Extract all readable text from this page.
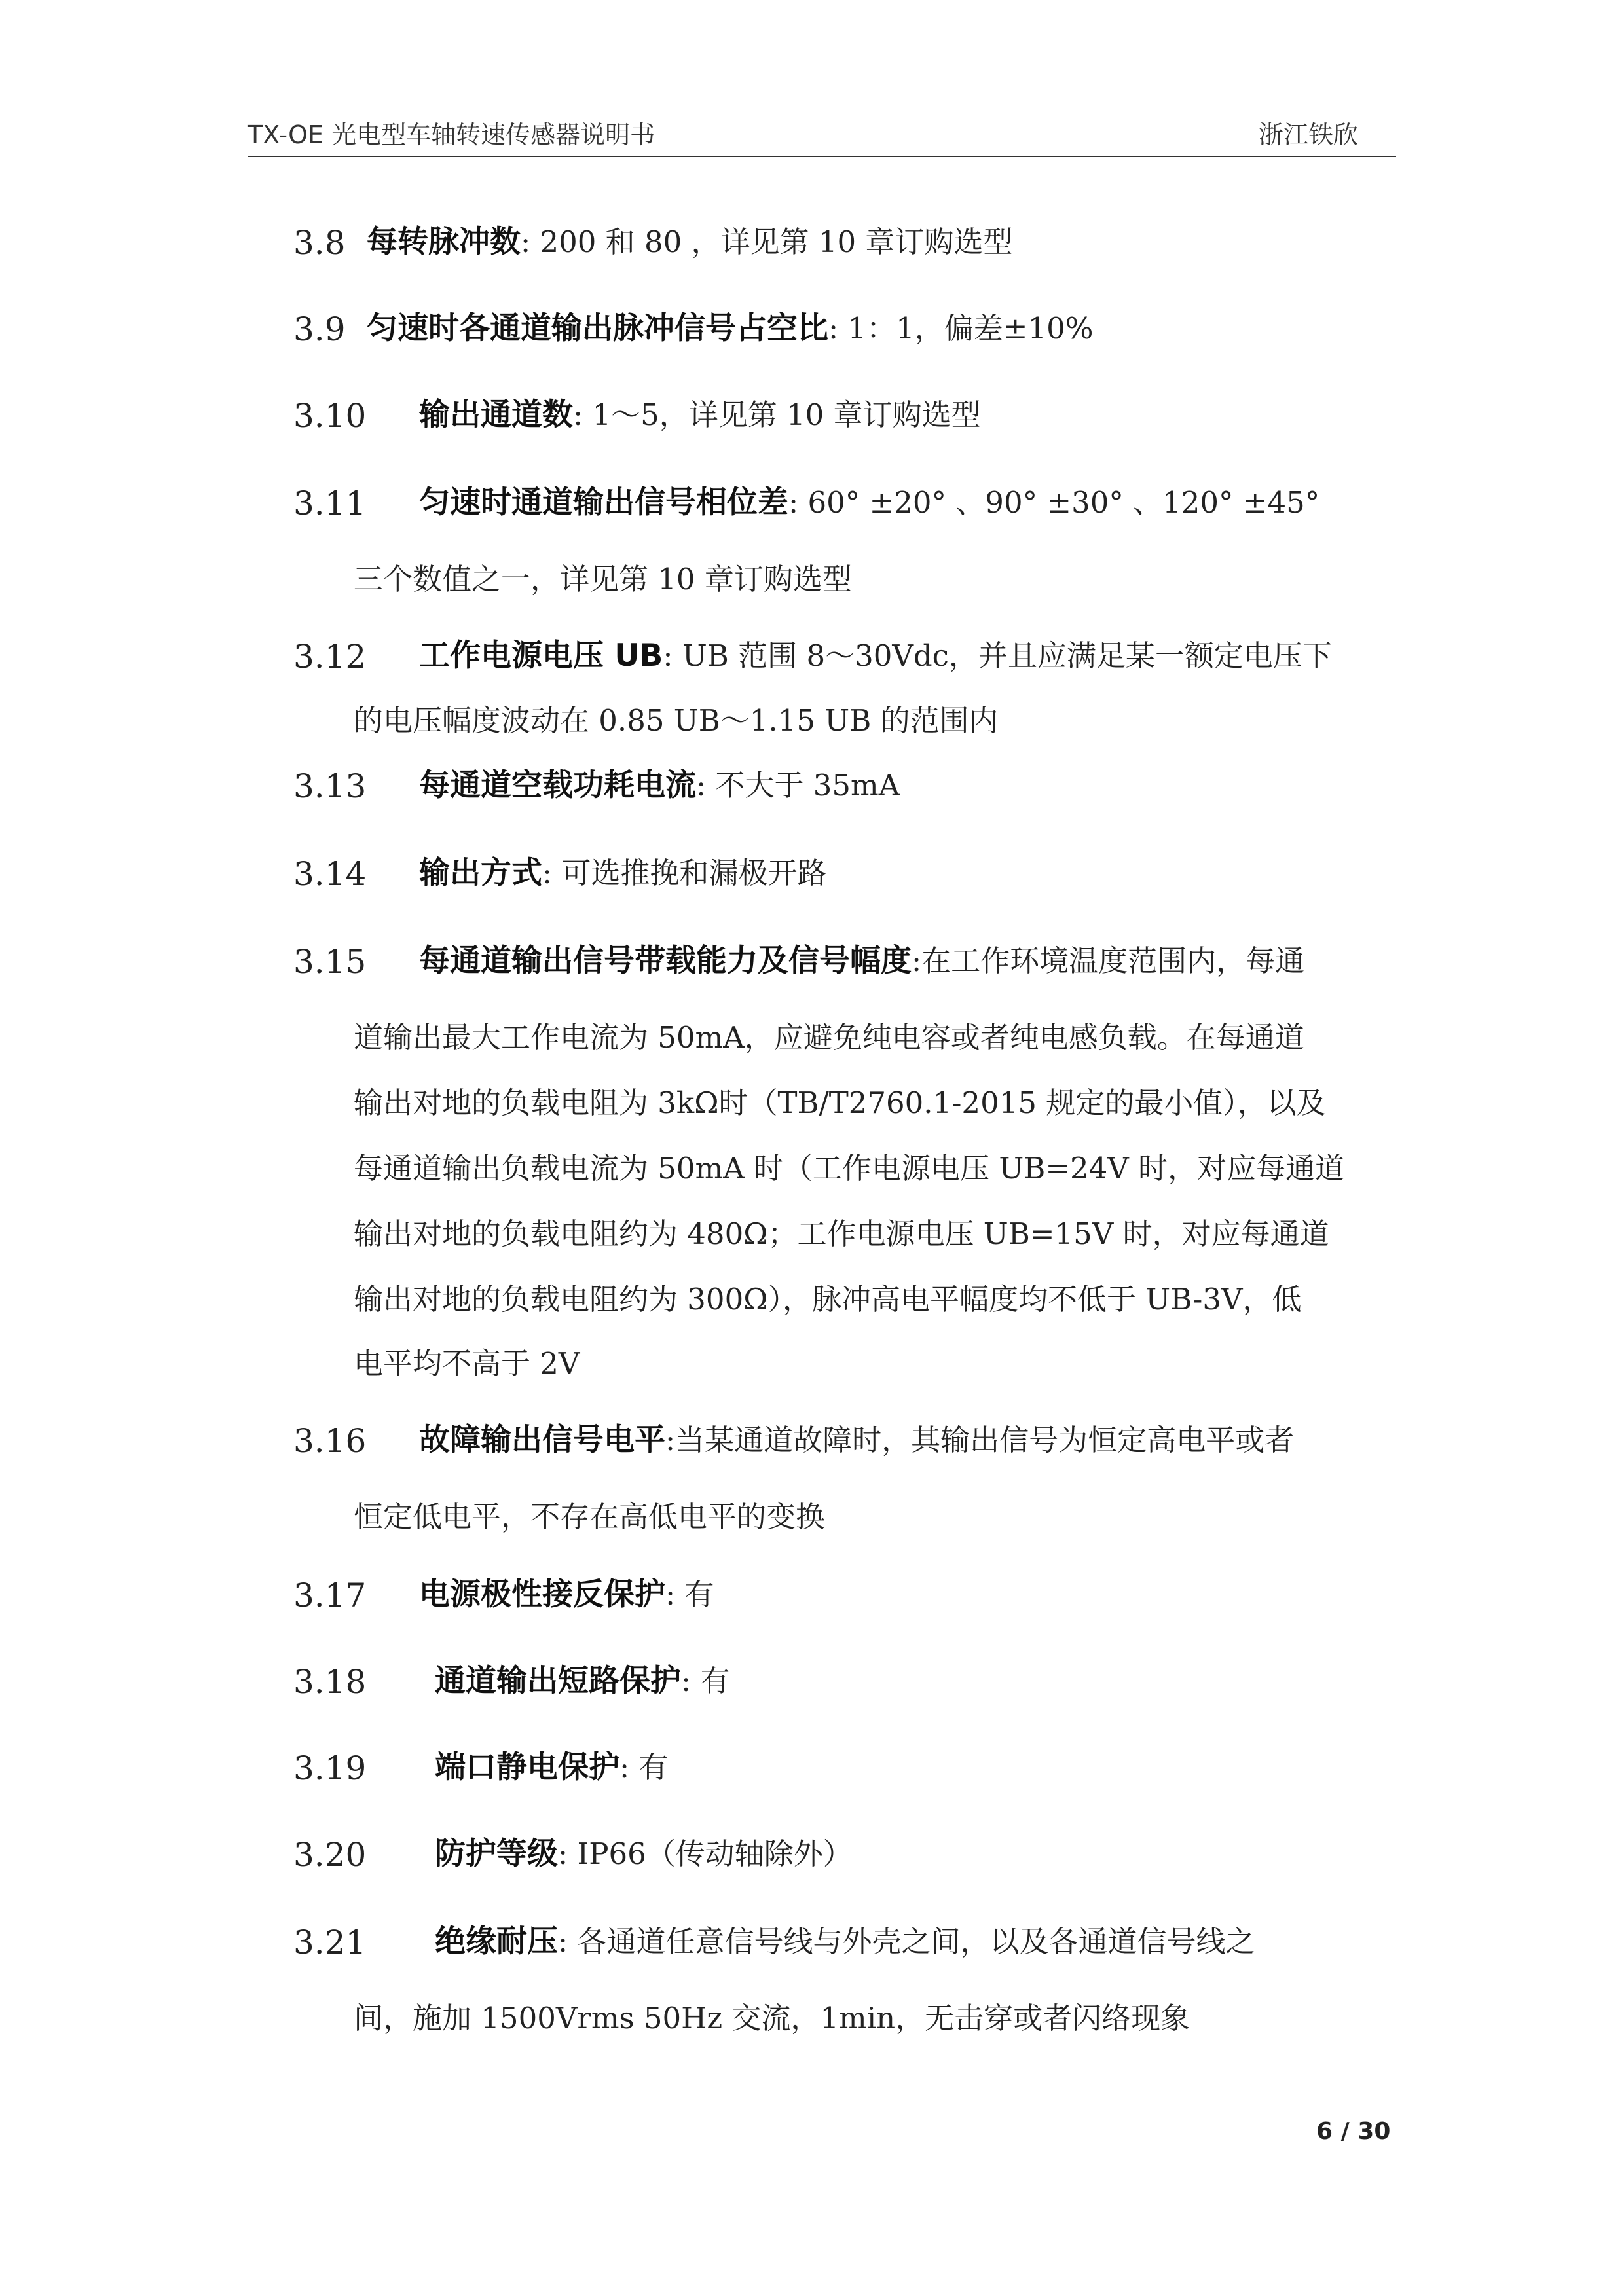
TX-OE 光电型车轴转速传感器说明书	浙江铁欣
3.8 每转脉冲数: 200 和 80 ，详见第 10 章订购选型
3.9 匀速时各通道输出脉冲信号占空比: 1：1，偏差±10%
3.10 输出通道数: 1～5，详见第 10 章订购选型
3.11 匀速时通道输出信号相位差: 60° ±20° 、90° ±30° 、120° ±45°
三个数值之一，详见第 10 章订购选型
3.12 工作电源电压 UB: UB 范围 8～30Vdc，并且应满足某一额定电压下
的电压幅度波动在 0.85 UB～1.15 UB 的范围内
3.13 每通道空载功耗电流: 不大于 35mA
3.14 输出方式: 可选推挽和漏极开路
3.15 每通道输出信号带载能力及信号幅度:在工作环境温度范围内，每通
道输出最大工作电流为 50mA，应避免纯电容或者纯电感负载。在每通道
输出对地的负载电阻为 3kΩ时（TB/T2760.1-2015 规定的最小值），以及
每通道输出负载电流为 50mA 时（工作电源电压 UB=24V 时，对应每通道
输出对地的负载电阻约为 480Ω；工作电源电压 UB=15V 时，对应每通道
输出对地的负载电阻约为 300Ω），脉冲高电平幅度均不低于 UB-3V，低
电平均不高于 2V
3.16 故障输出信号电平:当某通道故障时，其输出信号为恒定高电平或者
恒定低电平，不存在高低电平的变换
3.17 电源极性接反保护: 有
3.18 通道输出短路保护: 有
3.19 端口静电保护: 有
3.20 防护等级: IP66（传动轴除外）
3.21 绝缘耐压: 各通道任意信号线与外壳之间，以及各通道信号线之
间，施加 1500Vrms 50Hz 交流，1min，无击穿或者闪络现象
6 / 30
